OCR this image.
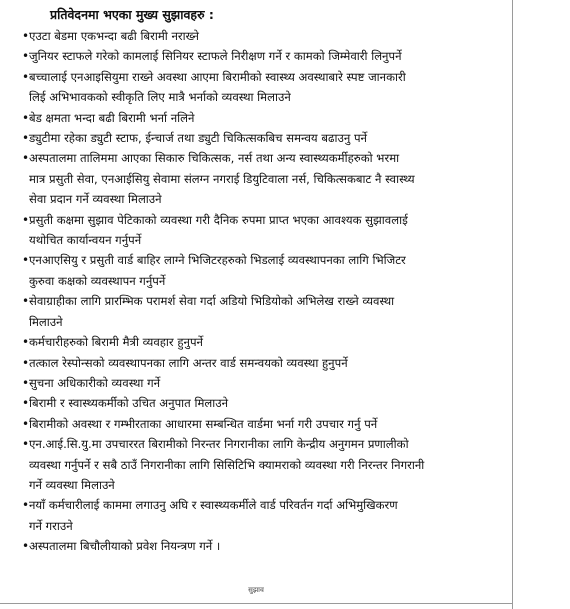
प्रतिवेदनमा भएका मुख्य सुझावहरु :
• एउटा बेडमा एकभन्दा बढी बिरामी नराख्ने
• जुनियर स्टाफले गरेको कामलाई सिनियर स्टाफले निरीक्षण गर्ने र कामको जिम्मेवारी लिनुपर्ने
• बच्चालाई एनआइसियुमा राख्ने अवस्था आएमा बिरामीको स्वास्थ्य अवस्थाबारे स्पष्ट जानकारी
लिई अभिभावकको स्वीकृति लिए मात्रै भर्नाको व्यवस्था मिलाउने
• बेड क्षमता भन्दा बढी बिरामी भर्ना नलिने
• ड्युटीमा रहेका ड्युटी स्टाफ, ईन्चार्ज तथा ड्युटी चिकित्सकबिच समन्वय बढाउनु पर्ने
• अस्पतालमा तालिममा आएका सिकारु चिकित्सक, नर्स तथा अन्य स्वास्थ्यकर्मीहरुको भरमा
मात्र प्रसुती सेवा, एनआईसियु सेवामा संलग्न नगराई डियुटिवाला नर्स, चिकित्सकबाट नै स्वास्थ्य
सेवा प्रदान गर्ने व्यवस्था मिलाउने
• प्रसुती कक्षमा सुझाव पेटिकाको व्यवस्था गरी दैनिक रुपमा प्राप्त भएका आवश्यक सुझावलाई
यथोचित कार्यान्वयन गर्नुपर्ने
• एनआएसियु र प्रसुती वार्ड बाहिर लाग्ने भिजिटरहरुको भिडलाई व्यवस्थापनका लागि भिजिटर
कुरुवा कक्षको व्यवस्थापन गर्नुपर्ने
• सेवाग्राहीका लागि प्रारम्भिक परामर्श सेवा गर्दा अडियो भिडियोको अभिलेख राख्ने व्यवस्था
मिलाउने
• कर्मचारीहरुको बिरामी मैत्री व्यवहार हुनुपर्ने
• तत्काल रेस्पोन्सको व्यवस्थापनका लागि अन्तर वार्ड समन्वयको व्यवस्था हुनुपर्ने
• सुचना अधिकारीको व्यवस्था गर्ने
• बिरामी र स्वास्थ्यकर्मीको उचित अनुपात मिलाउने
• बिरामीको अवस्था र गम्भीरताका आधारमा सम्बन्धित वार्डमा भर्ना गरी उपचार गर्नु पर्ने
• एन.आई.सि.यु.मा उपचाररत बिरामीको निरन्तर निगरानीका लागि केन्द्रीय अनुगमन प्रणालीको
व्यवस्था गर्नुपर्ने र सबै ठाउँ निगरानीका लागि सिसिटिभि क्यामराको व्यवस्था गरी निरन्तर निगरानी
गर्ने व्यवस्था मिलाउने
• नयाँ कर्मचारीलाई काममा लगाउनु अघि र स्वास्थ्यकर्मीले वार्ड परिवर्तन गर्दा अभिमुखिकरण
गर्ने गराउने
• अस्पतालमा बिचौलीयाको प्रवेश नियन्त्रण गर्ने ।
सुझाव
